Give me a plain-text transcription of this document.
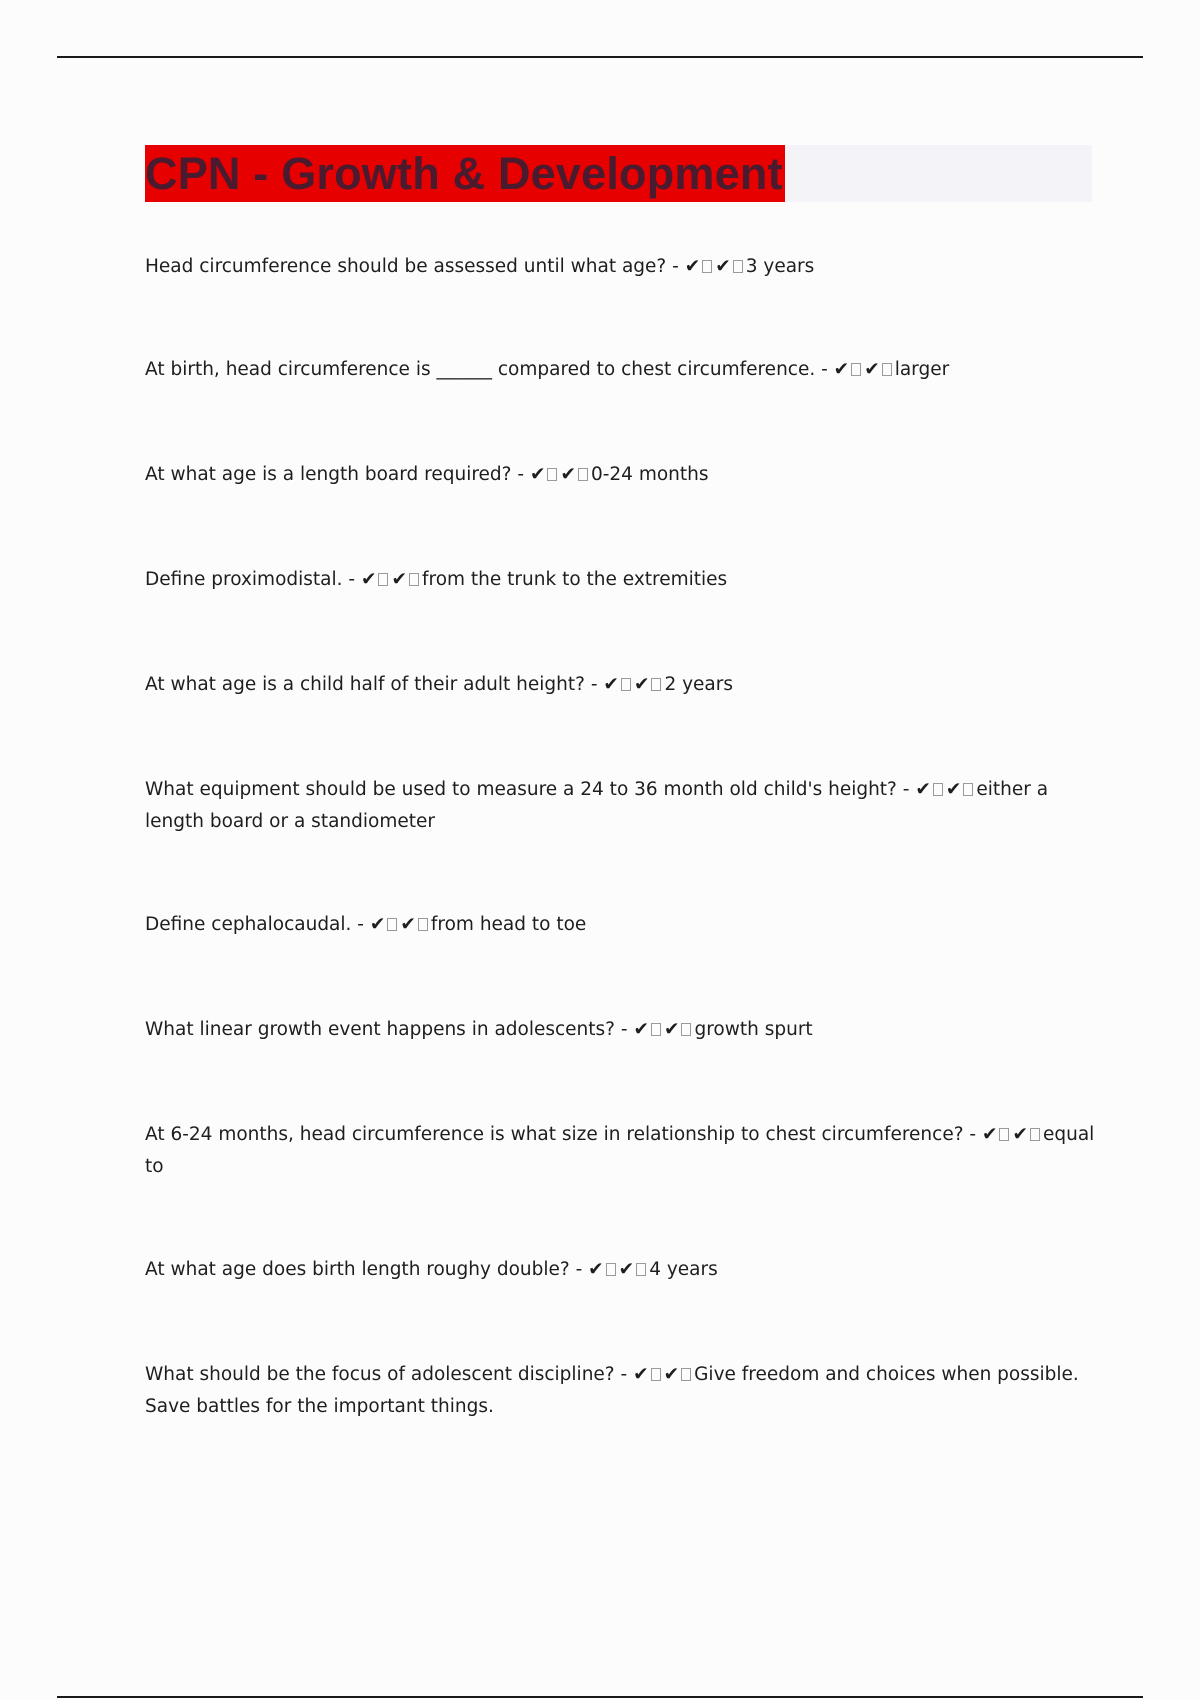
CPN - Growth & Development

Head circumference should be assessed until what age? - ✔ ✔ 3 years

At birth, head circumference is ______ compared to chest circumference. - ✔ ✔ larger

At what age is a length board required? - ✔ ✔ 0-24 months

Define proximodistal. - ✔ ✔ from the trunk to the extremities

At what age is a child half of their adult height? - ✔ ✔ 2 years

What equipment should be used to measure a 24 to 36 month old child's height? - ✔ ✔ either a length board or a standiometer

Define cephalocaudal. - ✔ ✔ from head to toe

What linear growth event happens in adolescents? - ✔ ✔ growth spurt

At 6-24 months, head circumference is what size in relationship to chest circumference? - ✔ ✔ equal to

At what age does birth length roughy double? - ✔ ✔ 4 years

What should be the focus of adolescent discipline? - ✔ ✔ Give freedom and choices when possible. Save battles for the important things.
